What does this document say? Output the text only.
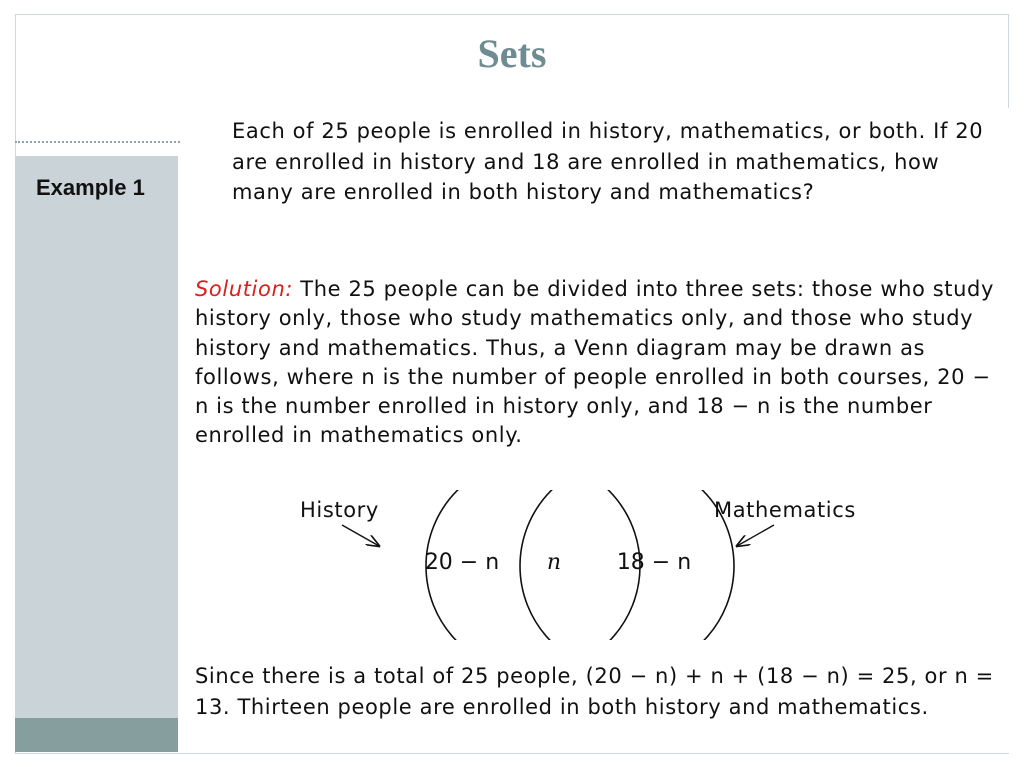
Example 1
Sets

Each of 25 people is enrolled in history, mathematics, or both. If 20 are enrolled in history and 18 are enrolled in mathematics, how many are enrolled in both history and mathematics?

Solution: The 25 people can be divided into three sets: those who study history only, those who study mathematics only, and those who study history and mathematics. Thus, a Venn diagram may be drawn as follows, where n is the number of people enrolled in both courses, 20 − n is the number enrolled in history only, and 18 − n is the number enrolled in mathematics only.

History	Mathematics
20 − n n	18 − n

Since there is a total of 25 people, (20 − n) + n + (18 − n) = 25, or n = 13. Thirteen people are enrolled in both history and mathematics.
